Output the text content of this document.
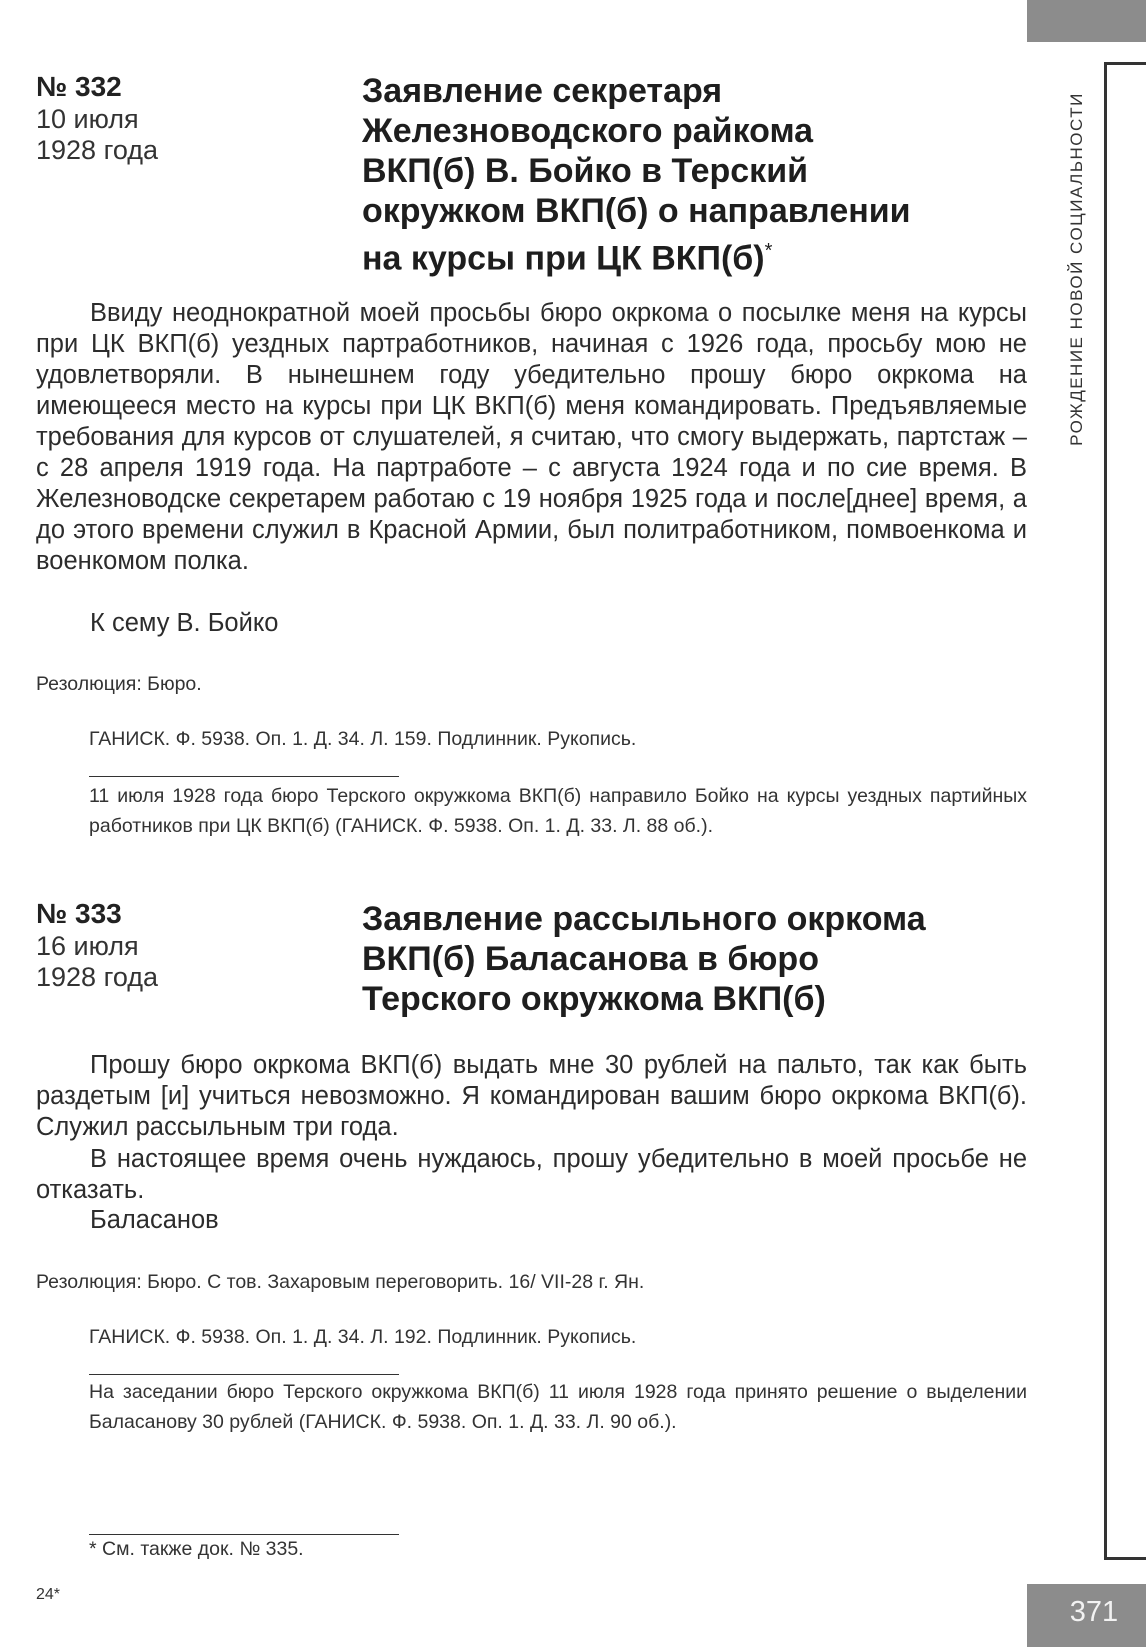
РОЖДЕНИЕ НОВОЙ СОЦИАЛЬНОСТИ
371
№ 332
10 июля
1928 года
Заявление секретаря
Железноводского райкома
ВКП(б) В. Бойко в Терский
окружком ВКП(б) о направлении
на курсы при ЦК ВКП(б)*
Ввиду неоднократной моей просьбы бюро окркома о посылке меня на курсы при ЦК ВКП(б) уездных партработников, начиная с 1926 года, просьбу мою не удовлетворяли. В нынешнем году убедительно прошу бюро окркома на имеющееся место на курсы при ЦК ВКП(б) меня командировать. Предъявляемые требования для курсов от слушателей, я считаю, что смогу выдержать, партстаж – с 28 апреля 1919 года. На партработе – с августа 1924 года и по сие время. В Железноводске секретарем работаю с 19 ноября 1925 года и после[днее] время, а до этого времени служил в Красной Армии, был политработником, помвоенкома и военкомом полка.
К сему В. Бойко
Резолюция: Бюро.
ГАНИСК. Ф. 5938. Оп. 1. Д. 34. Л. 159. Подлинник. Рукопись.
11 июля 1928 года бюро Терского окружкома ВКП(б) направило Бойко на курсы уездных партийных работников при ЦК ВКП(б) (ГАНИСК. Ф. 5938. Оп. 1. Д. 33. Л. 88 об.).
№ 333
16 июля
1928 года
Заявление рассыльного окркома
ВКП(б) Баласанова в бюро
Терского окружкома ВКП(б)
Прошу бюро окркома ВКП(б) выдать мне 30 рублей на пальто, так как быть раздетым [и] учиться невозможно. Я командирован вашим бюро окркома ВКП(б). Служил рассыльным три года.
В настоящее время очень нуждаюсь, прошу убедительно в моей просьбе не отказать.
Баласанов
Резолюция: Бюро. С тов. Захаровым переговорить. 16/ VII-28 г. Ян.
ГАНИСК. Ф. 5938. Оп. 1. Д. 34. Л. 192. Подлинник. Рукопись.
На заседании бюро Терского окружкома ВКП(б) 11 июля 1928 года принято решение о выделении Баласанову 30 рублей (ГАНИСК. Ф. 5938. Оп. 1. Д. 33. Л. 90 об.).
* См. также док. № 335.
24*
